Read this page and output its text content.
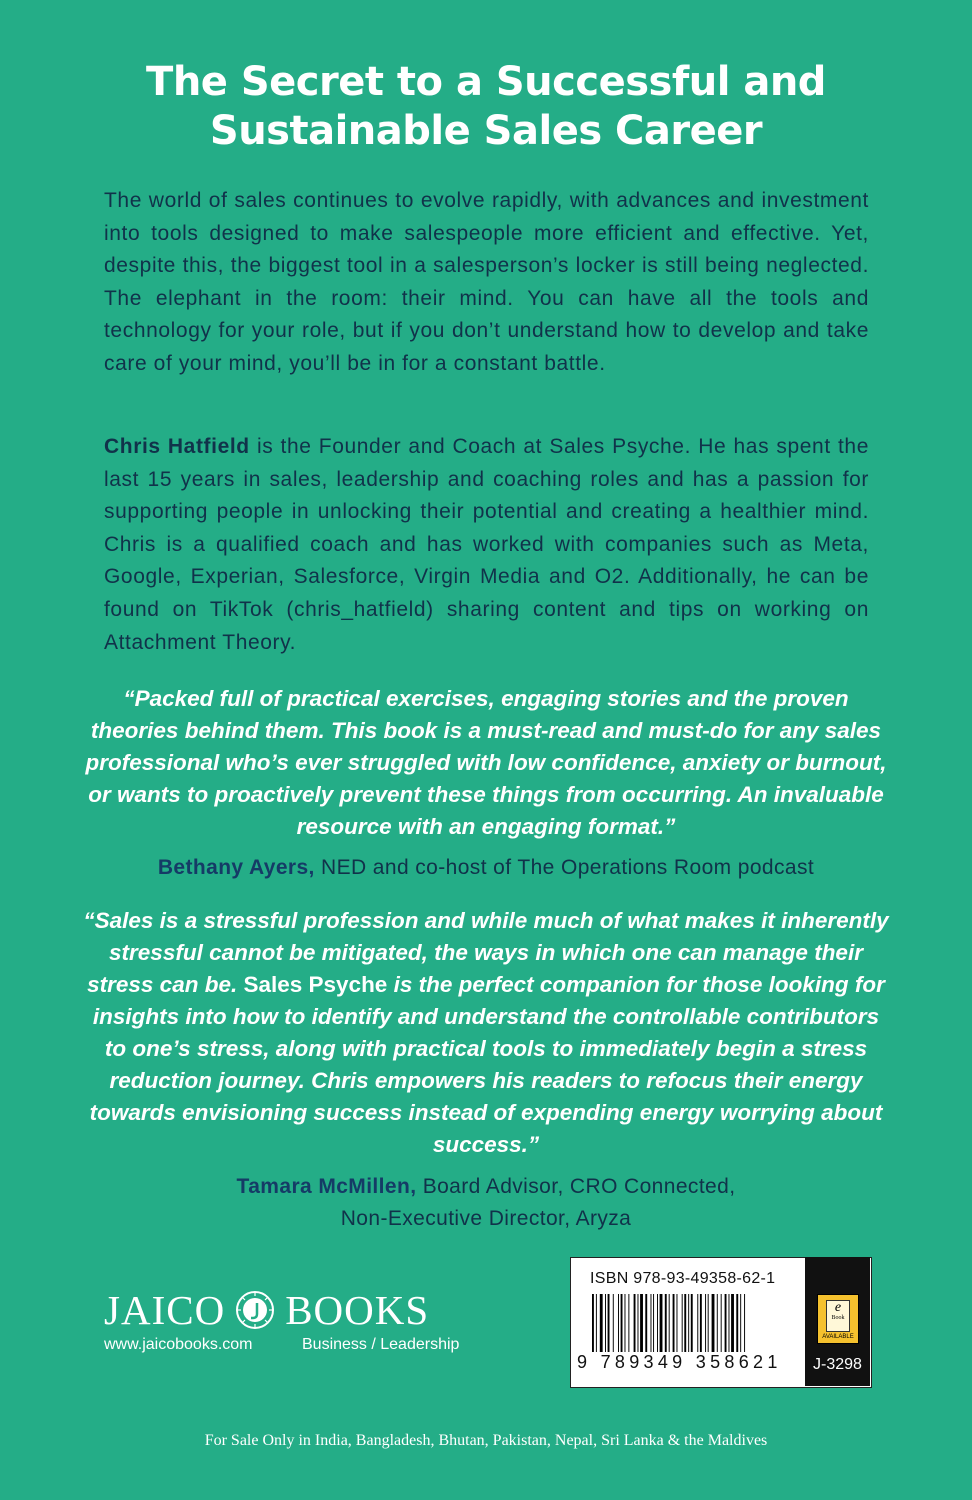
The Secret to a Successful and
Sustainable Sales Career

The world of sales continues to evolve rapidly, with advances and investment into tools designed to make salespeople more efficient and effective. Yet, despite this, the biggest tool in a salesperson’s locker is still being neglected. The elephant in the room: their mind. You can have all the tools and technology for your role, but if you don’t understand how to develop and take care of your mind, you’ll be in for a constant battle.

Chris Hatfield is the Founder and Coach at Sales Psyche. He has spent the last 15 years in sales, leadership and coaching roles and has a passion for supporting people in unlocking their potential and creating a healthier mind. Chris is a qualified coach and has worked with companies such as Meta, Google, Experian, Salesforce, Virgin Media and O2. Additionally, he can be found on TikTok (chris_hatfield) sharing content and tips on working on Attachment Theory.

“Packed full of practical exercises, engaging stories and the proven theories behind them. This book is a must-read and must-do for any sales professional who’s ever struggled with low confidence, anxiety or burnout, or wants to proactively prevent these things from occurring. An invaluable resource with an engaging format.”

Bethany Ayers, NED and co-host of The Operations Room podcast

“Sales is a stressful profession and while much of what makes it inherently stressful cannot be mitigated, the ways in which one can manage their stress can be. Sales Psyche is the perfect companion for those looking for insights into how to identify and understand the controllable contributors to one’s stress, along with practical tools to immediately begin a stress reduction journey. Chris empowers his readers to refocus their energy towards envisioning success instead of expending energy worrying about success.”

Tamara McMillen, Board Advisor, CRO Connected,
Non-Executive Director, Aryza

JAICO BOOKS
www.jaicobooks.com	Business / Leadership
ISBN 978-93-49358-62-1
9 789349 358621
e
Book
AVAILABLE
J-3298
For Sale Only in India, Bangladesh, Bhutan, Pakistan, Nepal, Sri Lanka & the Maldives
